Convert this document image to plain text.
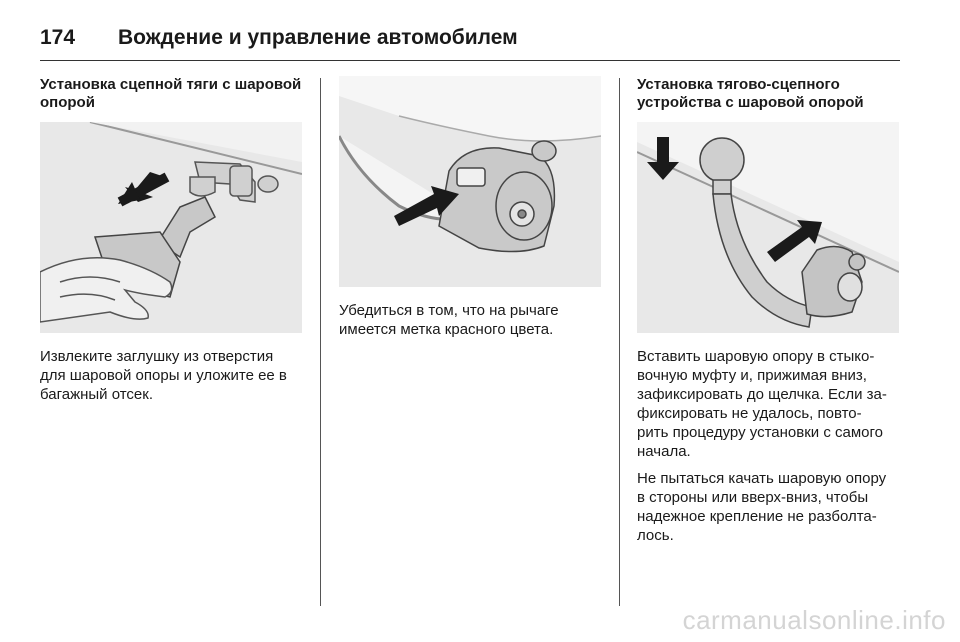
174	Вождение и управление автомобилем
Установка сцепной тяги с шаровой
опорой
Извлеките заглушку из отверстия
для шаровой опоры и уложите ее в
багажный отсек.
Убедиться в том, что на рычаге
имеется метка красного цвета.
Установка тягово-сцепного
устройства с шаровой опорой
Вставить шаровую опору в стыко-
вочную муфту и, прижимая вниз,
зафиксировать до щелчка. Если за-
фиксировать не удалось, повто-
рить процедуру установки с самого
начала.
Не пытаться качать шаровую опору
в стороны или вверх-вниз, чтобы
надежное крепление не разболта-
лось.
carmanualsonline.info
